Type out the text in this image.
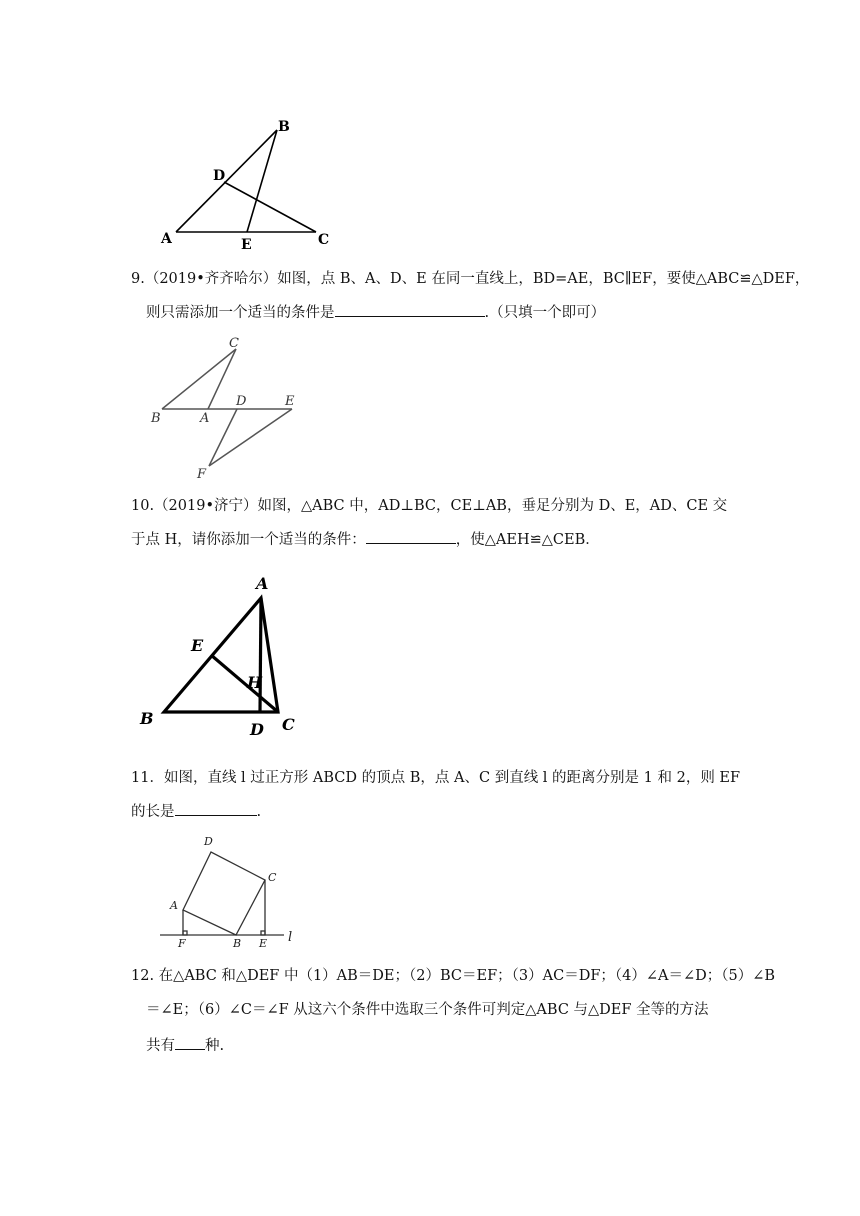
B
D
A	E	C
9.（2019•齐齐哈尔）如图，点 B、A、D、E 在同一直线上，BD=AE，BC∥EF，要使△ABC≌△DEF，
则只需添加一个适当的条件是	.（只填一个即可）
C
B	A
D	E
F
10.（2019•济宁）如图，△ABC 中，AD⊥BC，CE⊥AB，垂足分别为 D、E，AD、CE 交
于点 H，请你添加一个适当的条件：	，使△AEH≌△CEB．
A
E
H
B
D C
11．如图，直线 l 过正方形 ABCD 的顶点 B，点 A、C 到直线 l 的距离分别是 1 和 2，则 EF
的长是	.
D
C
A
F	B E l
12. 在△ABC 和△DEF 中（1）AB＝DE；（2）BC＝EF；（3）AC＝DF；（4）∠A＝∠D；（5）∠B
＝∠E；（6）∠C＝∠F 从这六个条件中选取三个条件可判定△ABC 与△DEF 全等的方法
共有 种.
